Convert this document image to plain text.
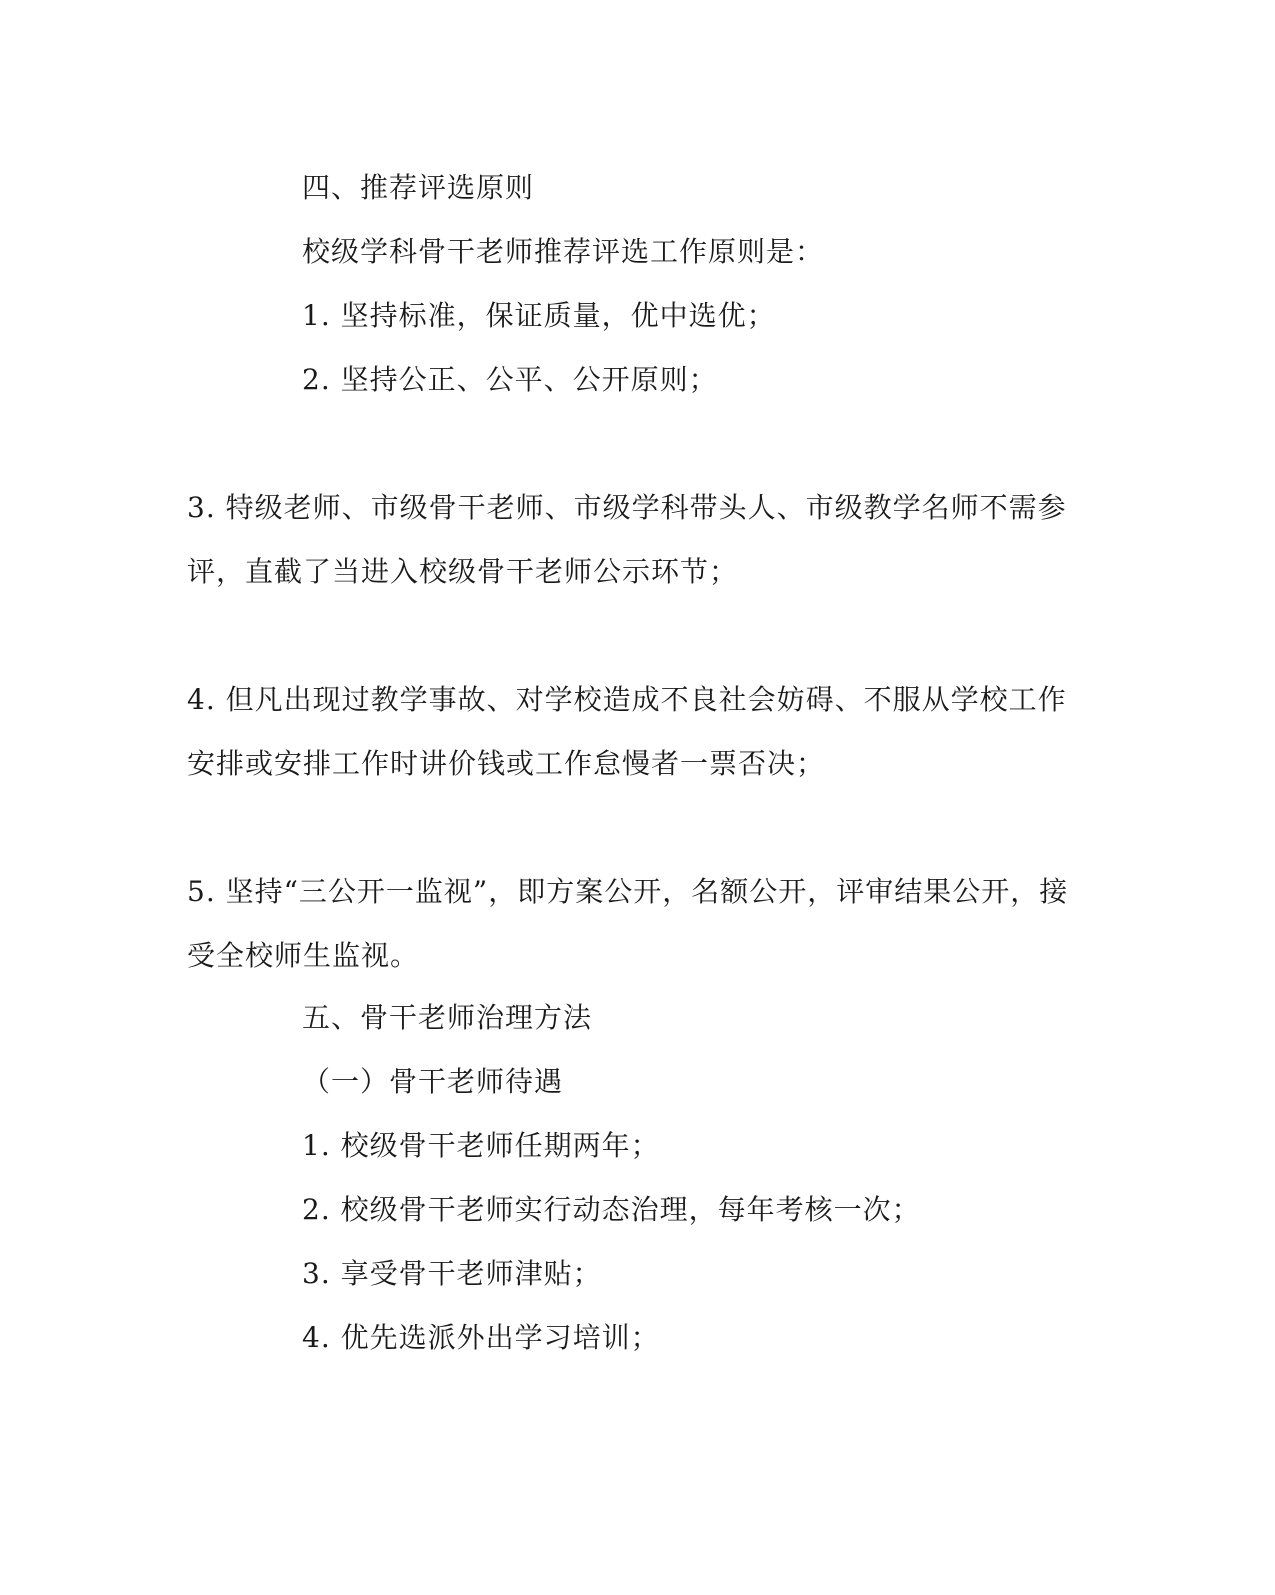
四、推荐评选原则
校级学科骨干老师推荐评选工作原则是：
1. 坚持标准，保证质量，优中选优；
2. 坚持公正、公平、公开原则；
3. 特级老师、市级骨干老师、市级学科带头人、市级教学名师不需参
评，直截了当进入校级骨干老师公示环节；
4. 但凡出现过教学事故、对学校造成不良社会妨碍、不服从学校工作
安排或安排工作时讲价钱或工作怠慢者一票否决；
5. 坚持“三公开一监视”，即方案公开，名额公开，评审结果公开，接
受全校师生监视。
五、骨干老师治理方法
（一）骨干老师待遇
1. 校级骨干老师任期两年；
2. 校级骨干老师实行动态治理，每年考核一次；
3. 享受骨干老师津贴；
4. 优先选派外出学习培训；
